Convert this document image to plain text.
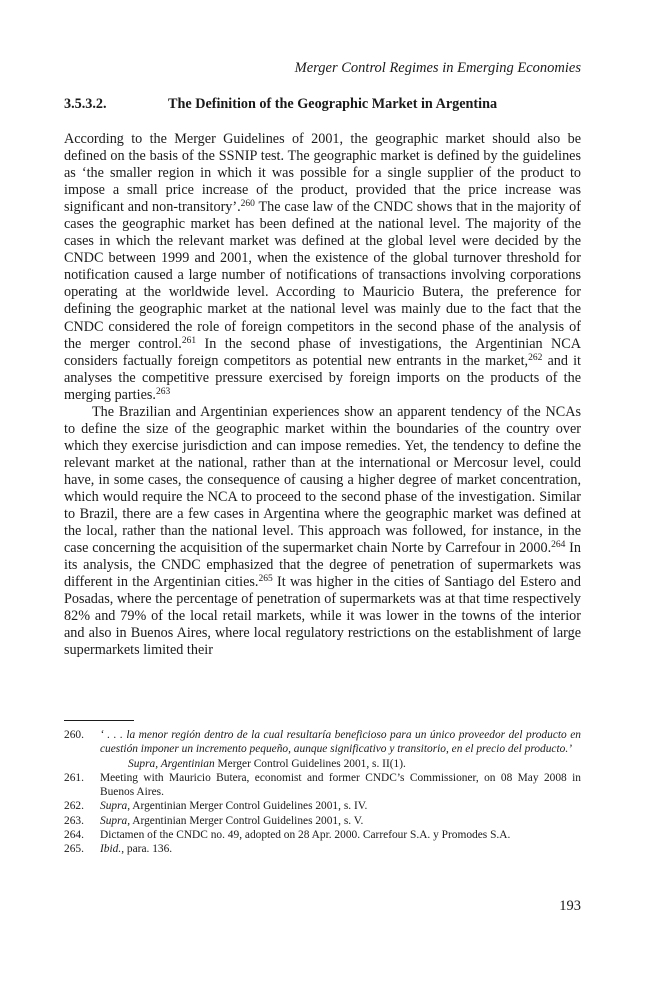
Merger Control Regimes in Emerging Economies
3.5.3.2.	The Definition of the Geographic Market in Argentina

According to the Merger Guidelines of 2001, the geographic market should also be defined on the basis of the SSNIP test. The geographic market is defined by the guidelines as ‘the smaller region in which it was possible for a single supplier of the product to impose a small price increase of the product, provided that the price increase was significant and non-transitory’.$^{260}$ The case law of the CNDC shows that in the majority of cases the geographic market has been defined at the national level. The majority of the cases in which the relevant market was defined at the global level were decided by the CNDC between 1999 and 2001, when the existence of the global turnover threshold for notification caused a large number of notifications of transactions involving corporations operating at the worldwide level. According to Mauricio Butera, the preference for defining the geographic market at the national level was mainly due to the fact that the CNDC considered the role of foreign competitors in the second phase of the analysis of the merger control.$^{261}$ In the second phase of investigations, the Argentinian NCA considers factually foreign competitors as potential new entrants in the market,$^{262}$ and it analyses the competitive pressure exercised by foreign imports on the products of the merging parties.$^{263}$

The Brazilian and Argentinian experiences show an apparent tendency of the NCAs to define the size of the geographic market within the boundaries of the country over which they exercise jurisdiction and can impose remedies. Yet, the tendency to define the relevant market at the national, rather than at the international or Mercosur level, could have, in some cases, the consequence of causing a higher degree of market concentration, which would require the NCA to proceed to the second phase of the investigation. Similar to Brazil, there are a few cases in Argentina where the geographic market was defined at the local, rather than the national level. This approach was followed, for instance, in the case concerning the acquisition of the supermarket chain Norte by Carrefour in 2000.$^{264}$ In its analysis, the CNDC emphasized that the degree of penetration of supermarkets was different in the Argentinian cities.$^{265}$ It was higher in the cities of Santiago del Estero and Posadas, where the percentage of penetration of supermarkets was at that time respectively 82% and 79% of the local retail markets, while it was lower in the towns of the interior and also in Buenos Aires, where local regulatory restrictions on the establishment of large supermarkets limited their

260.	‘ . . . la menor región dentro de la cual resultaría beneficioso para un único proveedor del producto en cuestión imponer un incremento pequeño, aunque significativo y transitorio, en el precio del producto.’
Supra, Argentinian Merger Control Guidelines 2001, s. II(1).
261.	Meeting with Mauricio Butera, economist and former CNDC’s Commissioner, on 08 May 2008 in Buenos Aires.
262.	Supra, Argentinian Merger Control Guidelines 2001, s. IV.
263.	Supra, Argentinian Merger Control Guidelines 2001, s. V.
264.	Dictamen of the CNDC no. 49, adopted on 28 Apr. 2000. Carrefour S.A. y Promodes S.A.
265.	Ibid., para. 136.
193
